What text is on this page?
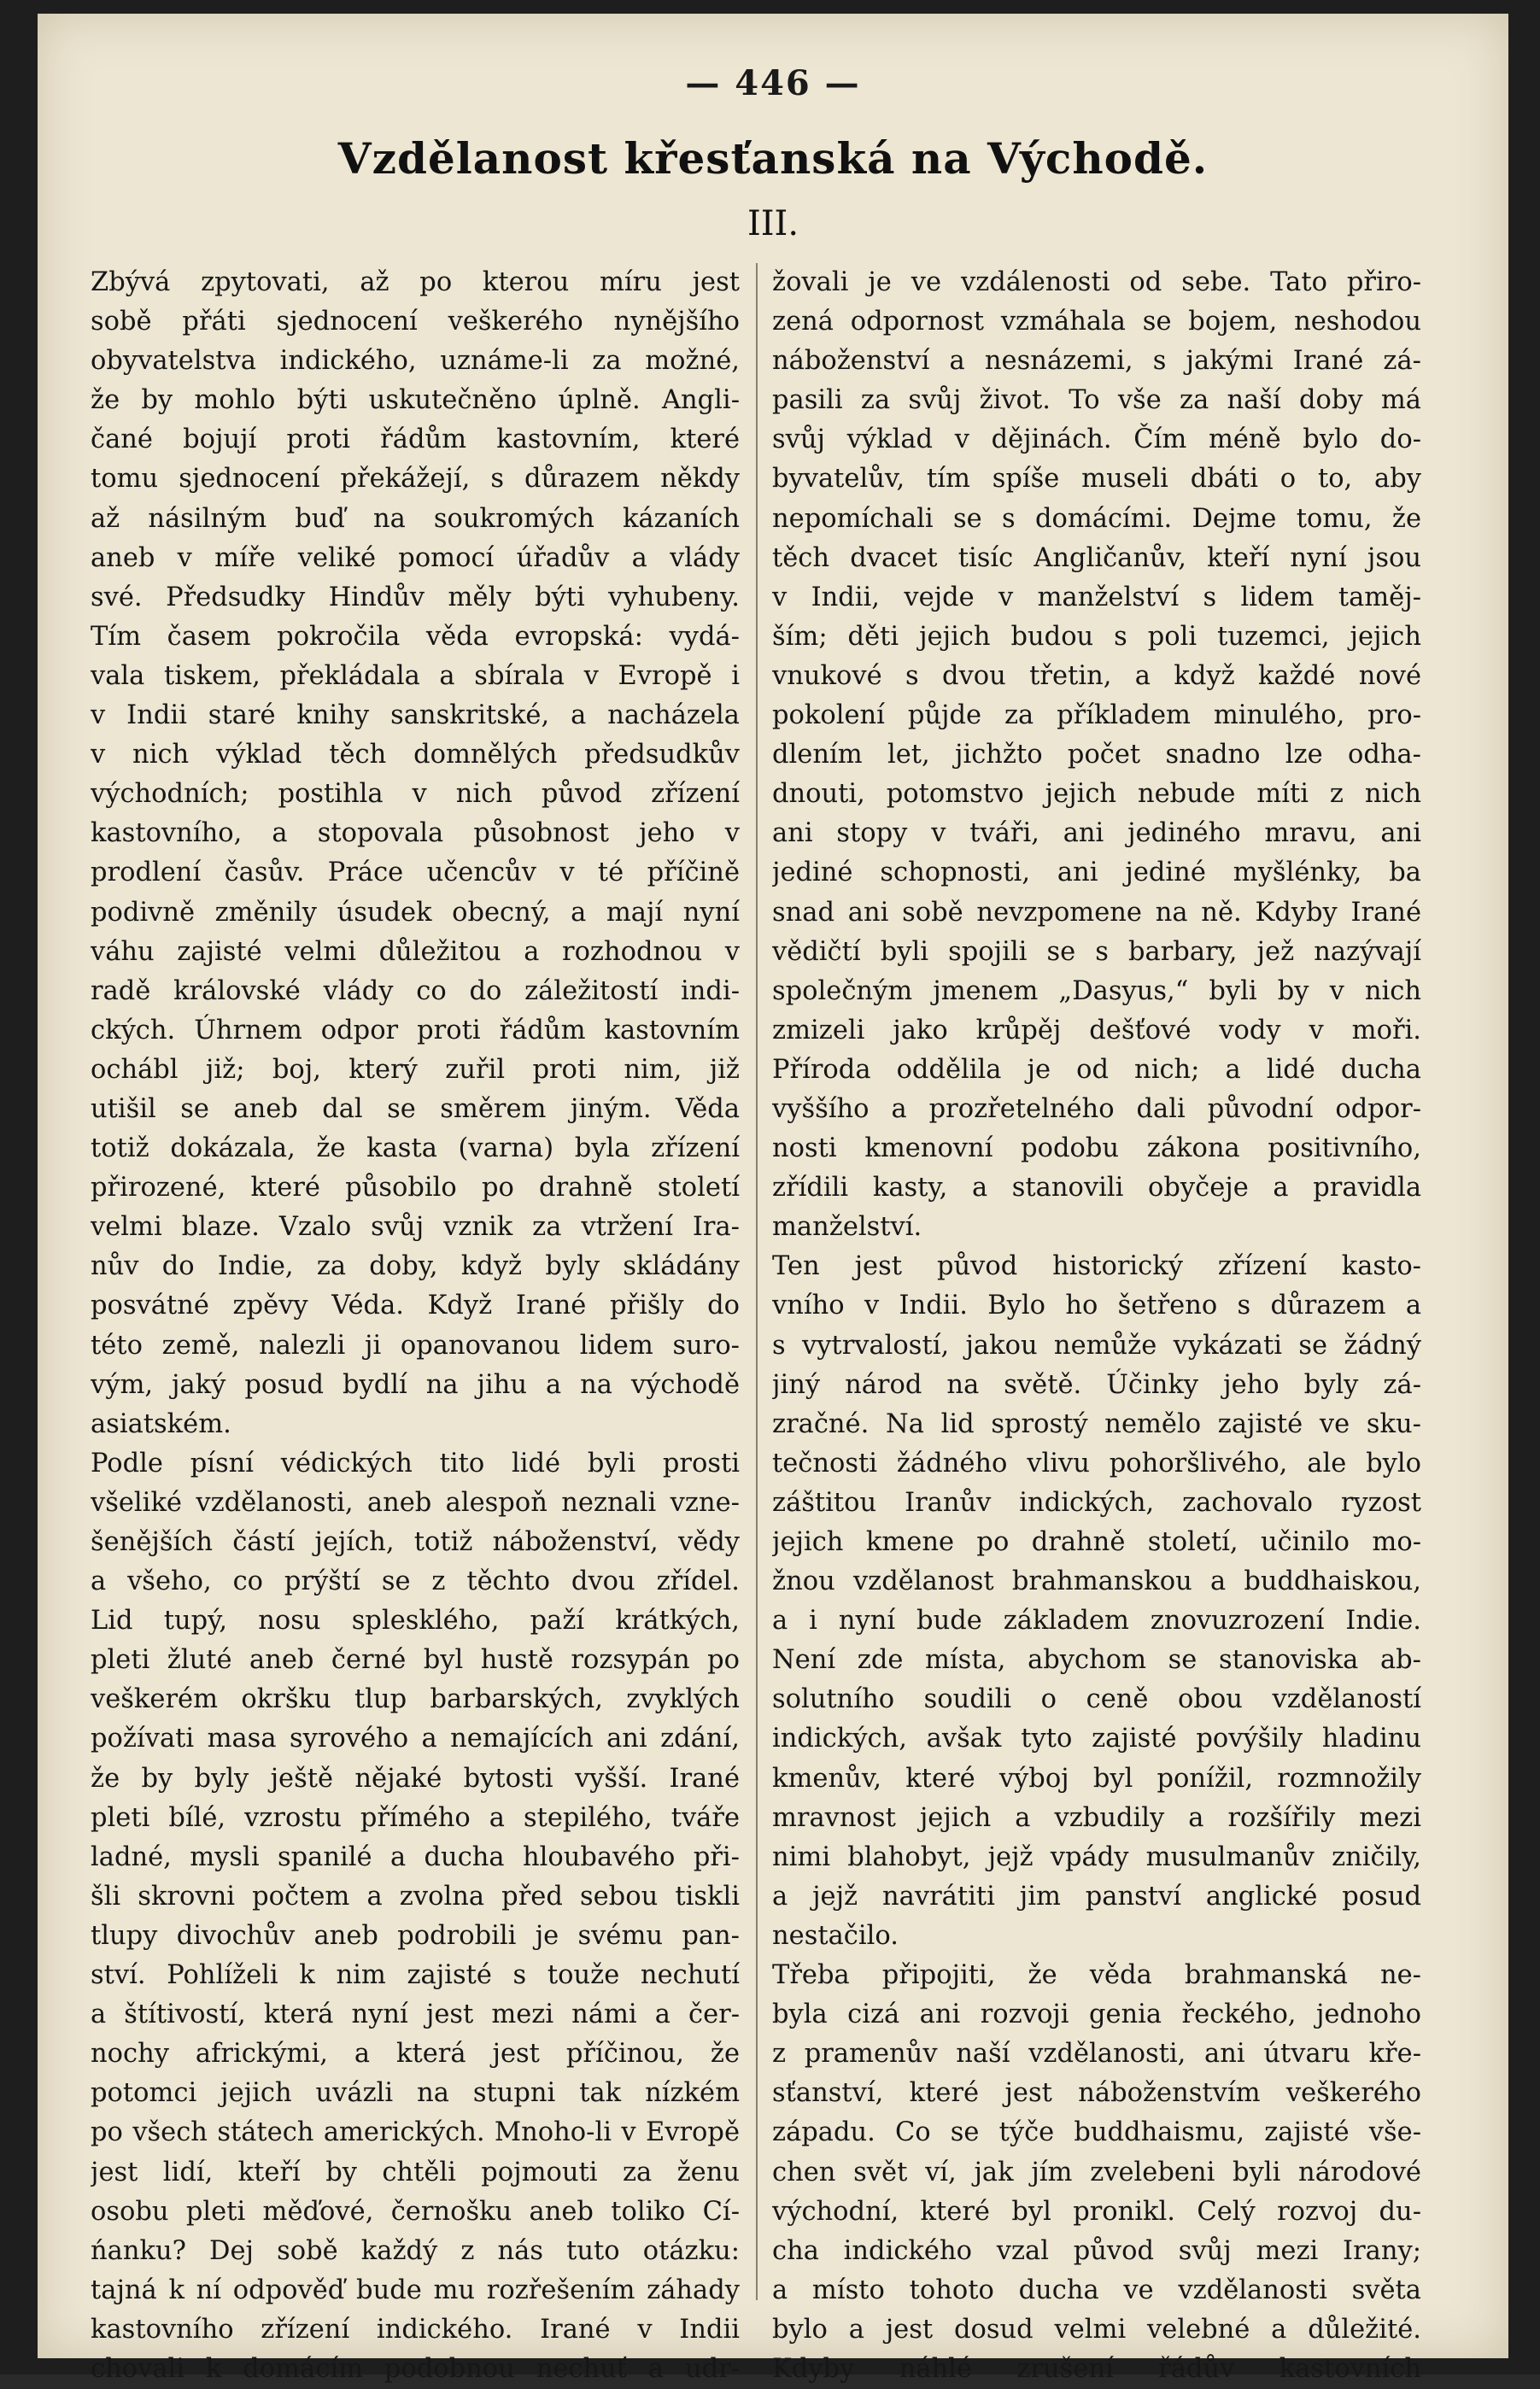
— 446 —
Vzdělanost křesťanská na Východě.
III.
Zbývá zpytovati, až po kterou míru jest
sobě přáti sjednocení veškerého nynějšího
obyvatelstva indického, uznáme-li za možné,
že by mohlo býti uskutečněno úplně. Angli-
čané bojují proti řádům kastovním, které
tomu sjednocení překážejí, s důrazem někdy
až násilným buď na soukromých kázaních
aneb v míře veliké pomocí úřadův a vlády
své. Předsudky Hindův měly býti vyhubeny.
Tím časem pokročila věda evropská: vydá-
vala tiskem, překládala a sbírala v Evropě i
v Indii staré knihy sanskritské, a nacházela
v nich výklad těch domnělých předsudkův
východních; postihla v nich původ zřízení
kastovního, a stopovala působnost jeho v
prodlení časův. Práce učencův v té příčině
podivně změnily úsudek obecný, a mají nyní
váhu zajisté velmi důležitou a rozhodnou v
radě královské vlády co do záležitostí indi-
ckých. Úhrnem odpor proti řádům kastovním
ochábl již; boj, který zuřil proti nim, již
utišil se aneb dal se směrem jiným. Věda
totiž dokázala, že kasta (varna) byla zřízení
přirozené, které působilo po drahně století
velmi blaze. Vzalo svůj vznik za vtržení Ira-
nův do Indie, za doby, když byly skládány
posvátné zpěvy Véda. Když Irané přišly do
této země, nalezli ji opanovanou lidem suro-
vým, jaký posud bydlí na jihu a na východě
asiatském.
Podle písní védických tito lidé byli prosti
všeliké vzdělanosti, aneb alespoň neznali vzne-
šenějších částí jejích, totiž náboženství, vědy
a všeho, co prýští se z těchto dvou zřídel.
Lid tupý, nosu splesklého, paží krátkých,
pleti žluté aneb černé byl hustě rozsypán po
veškerém okršku tlup barbarských, zvyklých
požívati masa syrového a nemajících ani zdání,
že by byly ještě nějaké bytosti vyšší. Irané
pleti bílé, vzrostu přímého a stepilého, tváře
ladné, mysli spanilé a ducha hloubavého při-
šli skrovni počtem a zvolna před sebou tiskli
tlupy divochův aneb podrobili je svému pan-
ství. Pohlíželi k nim zajisté s touže nechutí
a štítivostí, která nyní jest mezi námi a čer-
nochy africkými, a která jest příčinou, že
potomci jejich uvázli na stupni tak nízkém
po všech státech amerických. Mnoho-li v Evropě
jest lidí, kteří by chtěli pojmouti za ženu
osobu pleti měďové, černošku aneb toliko Cí-
ńanku? Dej sobě každý z nás tuto otázku:
tajná k ní odpověď bude mu rozřešením záhady
kastovního zřízení indického. Irané v Indii
chovali k domácím podobnou nechuť a udr-
žovali je ve vzdálenosti od sebe. Tato přiro-
zená odpornost vzmáhala se bojem, neshodou
náboženství a nesnázemi, s jakými Irané zá-
pasili za svůj život. To vše za naší doby má
svůj výklad v dějinách. Čím méně bylo do-
byvatelův, tím spíše museli dbáti o to, aby
nepomíchali se s domácími. Dejme tomu, že
těch dvacet tisíc Angličanův, kteří nyní jsou
v Indii, vejde v manželství s lidem taměj-
ším; děti jejich budou s poli tuzemci, jejich
vnukové s dvou třetin, a když každé nové
pokolení půjde za příkladem minulého, pro-
dlením let, jichžto počet snadno lze odha-
dnouti, potomstvo jejich nebude míti z nich
ani stopy v tváři, ani jediného mravu, ani
jediné schopnosti, ani jediné myšlénky, ba
snad ani sobě nevzpomene na ně. Kdyby Irané
vědičtí byli spojili se s barbary, jež nazývají
společným jmenem „Dasyus,“ byli by v nich
zmizeli jako krůpěj dešťové vody v moři.
Příroda oddělila je od nich; a lidé ducha
vyššího a prozřetelného dali původní odpor-
nosti kmenovní podobu zákona positivního,
zřídili kasty, a stanovili obyčeje a pravidla
manželství.
Ten jest původ historický zřízení kasto-
vního v Indii. Bylo ho šetřeno s důrazem a
s vytrvalostí, jakou nemůže vykázati se žádný
jiný národ na světě. Účinky jeho byly zá-
zračné. Na lid sprostý nemělo zajisté ve sku-
tečnosti žádného vlivu pohoršlivého, ale bylo
záštitou Iranův indických, zachovalo ryzost
jejich kmene po drahně století, učinilo mo-
žnou vzdělanost brahmanskou a buddhaiskou,
a i nyní bude základem znovuzrození Indie.
Není zde místa, abychom se stanoviska ab-
solutního soudili o ceně obou vzdělaností
indických, avšak tyto zajisté povýšily hladinu
kmenův, které výboj byl ponížil, rozmnožily
mravnost jejich a vzbudily a rozšířily mezi
nimi blahobyt, jejž vpády musulmanův zničily,
a jejž navrátiti jim panství anglické posud
nestačilo.
Třeba připojiti, že věda brahmanská ne-
byla cizá ani rozvoji genia řeckého, jednoho
z pramenův naší vzdělanosti, ani útvaru kře-
sťanství, které jest náboženstvím veškerého
západu. Co se týče buddhaismu, zajisté vše-
chen svět ví, jak jím zvelebeni byli národové
východní, které byl pronikl. Celý rozvoj du-
cha indického vzal původ svůj mezi Irany;
a místo tohoto ducha ve vzdělanosti světa
bylo a jest dosud velmi velebné a důležité.
Kdyby náhlé zrušení řádův kastovních
